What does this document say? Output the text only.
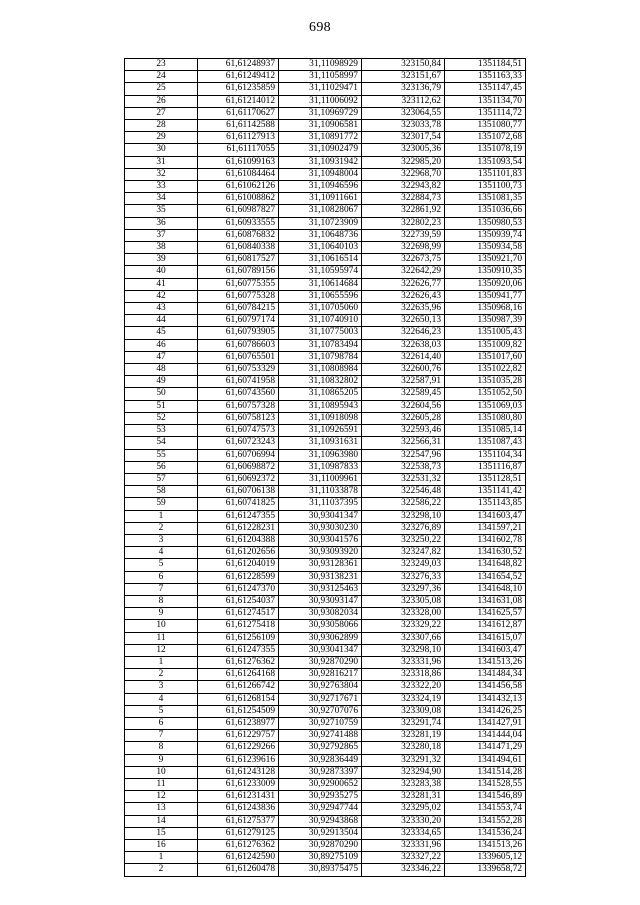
698
23	61,61248937	31,11098929	323150,84	1351184,51
24	61,61249412	31,11058997	323151,67	1351163,33
25	61,61235859	31,11029471	323136,79	1351147,45
26	61,61214012	31,11006092	323112,62	1351134,70
27	61,61170627	31,10969729	323064,55	1351114,72
28	61,61142588	31,10906581	323033,78	1351080,77
29	61,61127913	31,10891772	323017,54	1351072,68
30	61,61117055	31,10902479	323005,36	1351078,19
31	61,61099163	31,10931942	322985,20	1351093,54
32	61,61084464	31,10948004	322968,70	1351101,83
33	61,61062126	31,10946596	322943,82	1351100,73
34	61,61008862	31,10911661	322884,73	1351081,35
35	61,60987827	31,10828067	322861,92	1351036,66
36	61,60933555	31,10723909	322802,23	1350980,53
37	61,60876832	31,10648736	322739,59	1350939,74
38	61,60840338	31,10640103	322698,99	1350934,58
39	61,60817527	31,10616514	322673,75	1350921,70
40	61,60789156	31,10595974	322642,29	1350910,35
41	61,60775355	31,10614684	322626,77	1350920,06
42	61,60775328	31,10655596	322626,43	1350941,77
43	61,60784215	31,10705060	322635,96	1350968,16
44	61,60797174	31,10740910	322650,13	1350987,39
45	61,60793905	31,10775003	322646,23	1351005,43
46	61,60786603	31,10783494	322638,03	1351009,82
47	61,60765501	31,10798784	322614,40	1351017,60
48	61,60753329	31,10808984	322600,76	1351022,82
49	61,60741958	31,10832802	322587,91	1351035,28
50	61,60743560	31,10865205	322589,45	1351052,50
51	61,60757328	31,10895943	322604,56	1351069,03
52	61,60758123	31,10918098	322605,28	1351080,80
53	61,60747573	31,10926591	322593,46	1351085,14
54	61,60723243	31,10931631	322566,31	1351087,43
55	61,60706994	31,10963980	322547,96	1351104,34
56	61,60698872	31,10987833	322538,73	1351116,87
57	61,60692372	31,11009961	322531,32	1351128,51
58	61,60706138	31,11033878	322546,48	1351141,42
59	61,60741825	31,11037395	322586,22	1351143,85
1	61,61247355	30,93041347	323298,10	1341603,47
2	61,61228231	30,93030230	323276,89	1341597,21
3	61,61204388	30,93041576	323250,22	1341602,78
4	61,61202656	30,93093920	323247,82	1341630,52
5	61,61204019	30,93128361	323249,03	1341648,82
6	61,61228599	30,93138231	323276,33	1341654,52
7	61,61247370	30,93125463	323297,36	1341648,10
8	61,61254037	30,93093147	323305,08	1341631,08
9	61,61274517	30,93082034	323328,00	1341625,57
10	61,61275418	30,93058066	323329,22	1341612,87
11	61,61256109	30,93062899	323307,66	1341615,07
12	61,61247355	30,93041347	323298,10	1341603,47
1	61,61276362	30,92870290	323331,96	1341513,26
2	61,61264168	30,92816217	323318,86	1341484,34
3	61,61266742	30,92763804	323322,20	1341456,58
4	61,61268154	30,92717671	323324,19	1341432,13
5	61,61254509	30,92707076	323309,08	1341426,25
6	61,61238977	30,92710759	323291,74	1341427,91
7	61,61229757	30,92741488	323281,19	1341444,04
8	61,61229266	30,92792865	323280,18	1341471,29
9	61,61239616	30,92836449	323291,32	1341494,61
10	61,61243128	30,92873397	323294,90	1341514,28
11	61,61233009	30,92900652	323283,38	1341528,55
12	61,61231431	30,92935275	323281,31	1341546,89
13	61,61243836	30,92947744	323295,02	1341553,74
14	61,61275377	30,92943868	323330,20	1341552,28
15	61,61279125	30,92913504	323334,65	1341536,24
16	61,61276362	30,92870290	323331,96	1341513,26
1	61,61242590	30,89275109	323327,22	1339605,12
2	61,61260478	30,89375475	323346,22	1339658,72
